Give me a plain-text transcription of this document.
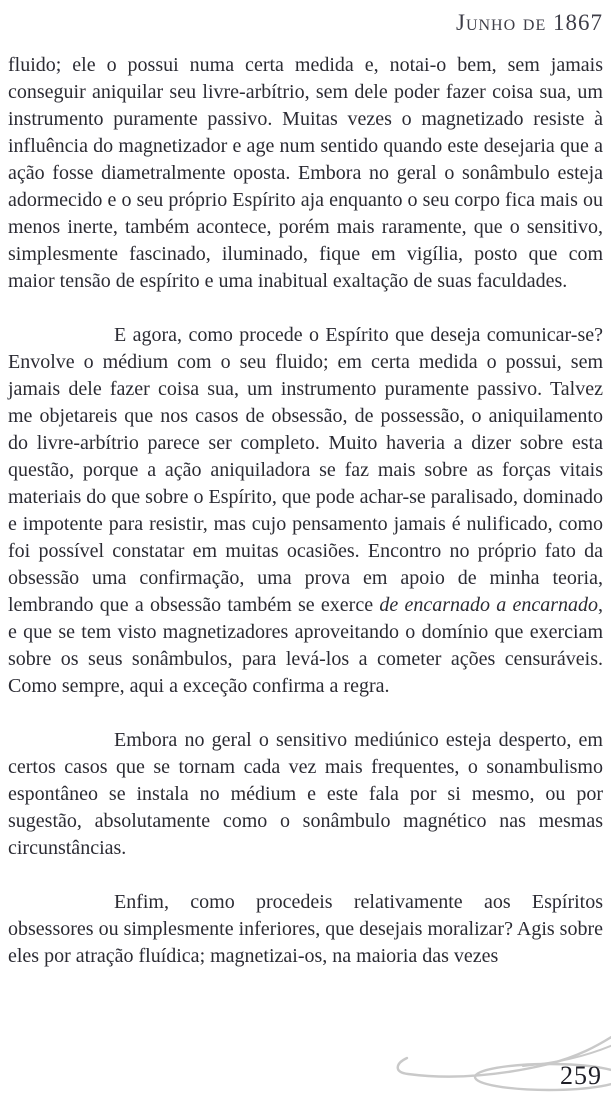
Junho de 1867

fluido; ele o possui numa certa medida e, notai-o bem, sem jamais conseguir aniquilar seu livre-arbítrio, sem dele poder fazer coisa sua, um instrumento puramente passivo. Muitas vezes o magnetizado resiste à influência do magnetizador e age num sentido quando este desejaria que a ação fosse diametralmente oposta. Embora no geral o sonâmbulo esteja adormecido e o seu próprio Espírito aja enquanto o seu corpo fica mais ou menos inerte, também acontece, porém mais raramente, que o sensitivo, simplesmente fascinado, iluminado, fique em vigília, posto que com maior tensão de espírito e uma inabitual exaltação de suas faculdades.

E agora, como procede o Espírito que deseja comunicar-se? Envolve o médium com o seu fluido; em certa medida o possui, sem jamais dele fazer coisa sua, um instrumento puramente passivo. Talvez me objetareis que nos casos de obsessão, de possessão, o aniquilamento do livre-arbítrio parece ser completo. Muito haveria a dizer sobre esta questão, porque a ação aniquiladora se faz mais sobre as forças vitais materiais do que sobre o Espírito, que pode achar-se paralisado, dominado e impotente para resistir, mas cujo pensamento jamais é nulificado, como foi possível constatar em muitas ocasiões. Encontro no próprio fato da obsessão uma confirmação, uma prova em apoio de minha teoria, lembrando que a obsessão também se exerce de encarnado a encarnado, e que se tem visto magnetizadores aproveitando o domínio que exerciam sobre os seus sonâmbulos, para levá-los a cometer ações censuráveis. Como sempre, aqui a exceção confirma a regra.

Embora no geral o sensitivo mediúnico esteja desperto, em certos casos que se tornam cada vez mais frequentes, o sonambulismo espontâneo se instala no médium e este fala por si mesmo, ou por sugestão, absolutamente como o sonâmbulo magnético nas mesmas circunstâncias.

Enfim, como procedeis relativamente aos Espíritos obsessores ou simplesmente inferiores, que desejais moralizar? Agis sobre eles por atração fluídica; magnetizai-os, na maioria das vezes

259
